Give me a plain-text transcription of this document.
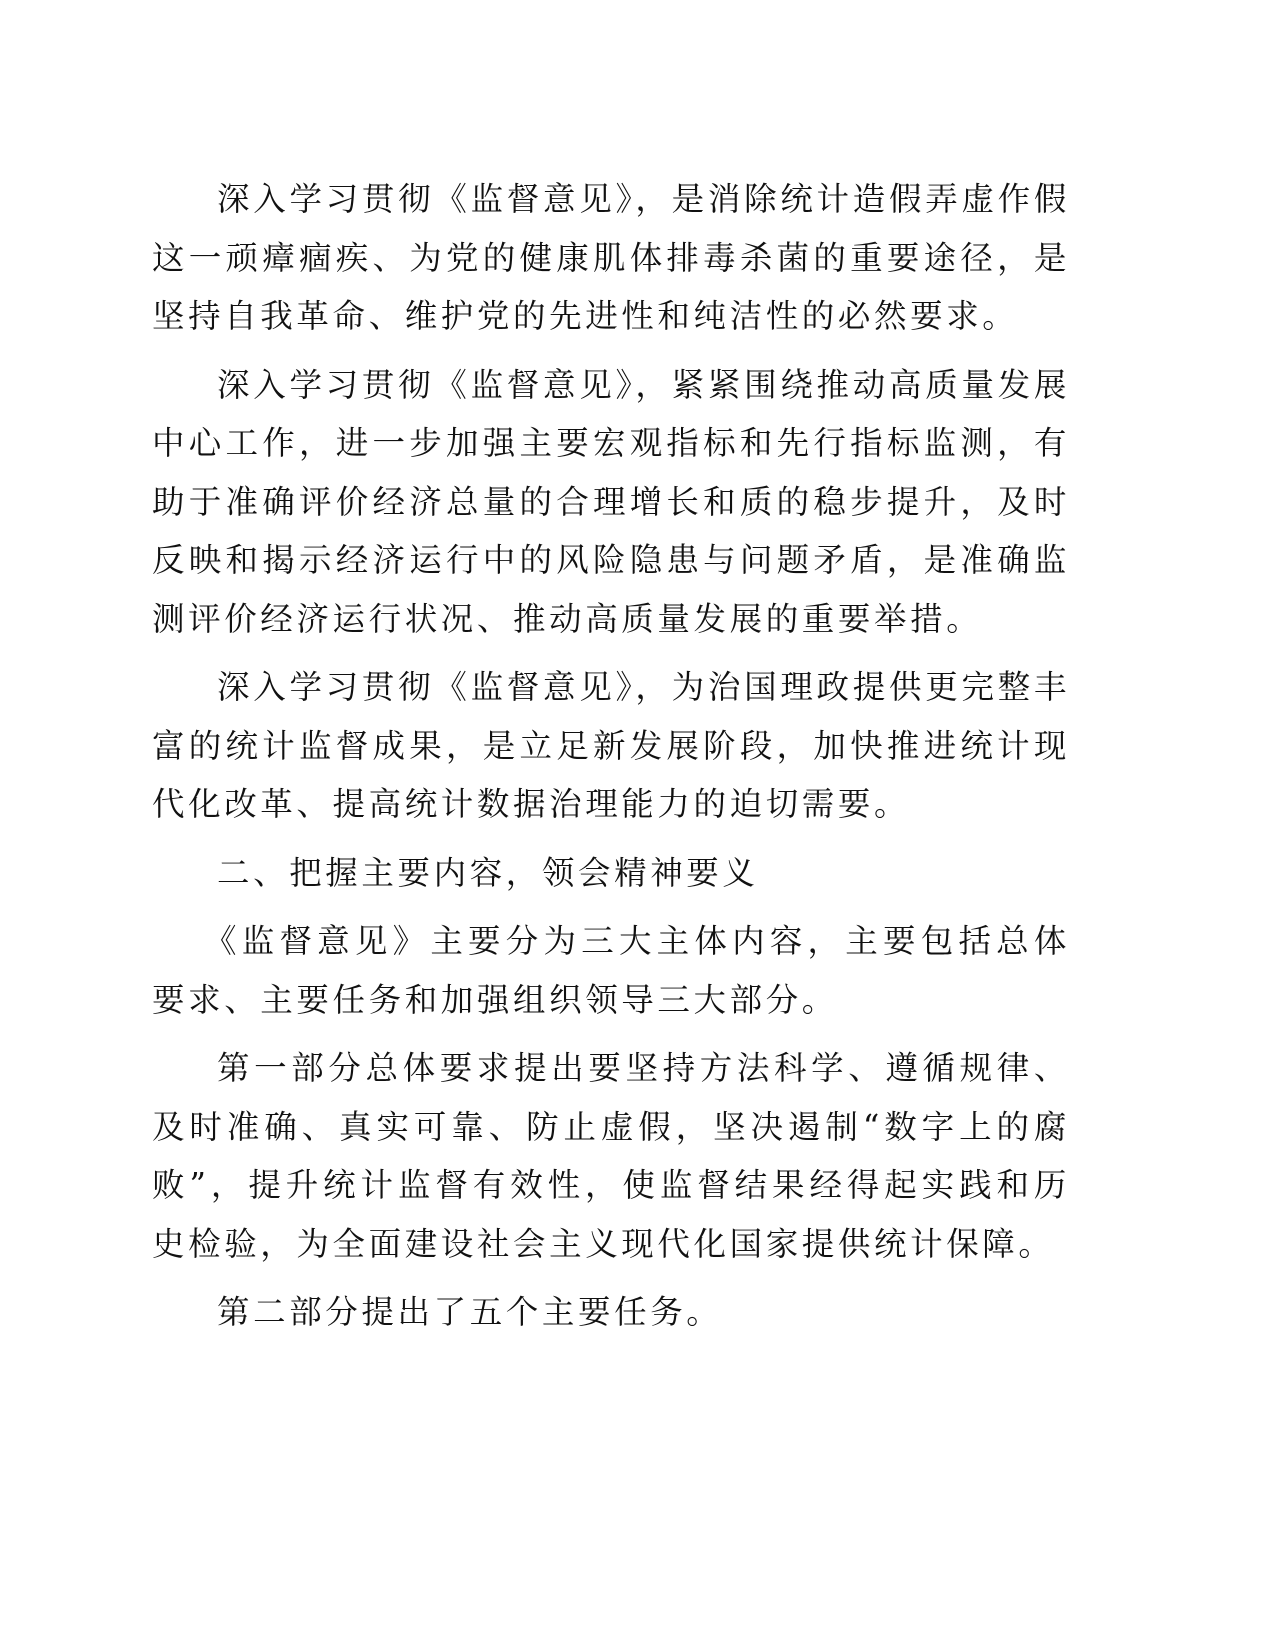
深入学习贯彻《监督意见》，是消除统计造假弄虚作假这一顽瘴痼疾、为党的健康肌体排毒杀菌的重要途径，是坚持自我革命、维护党的先进性和纯洁性的必然要求。

深入学习贯彻《监督意见》，紧紧围绕推动高质量发展中心工作，进一步加强主要宏观指标和先行指标监测，有助于准确评价经济总量的合理增长和质的稳步提升，及时反映和揭示经济运行中的风险隐患与问题矛盾，是准确监测评价经济运行状况、推动高质量发展的重要举措。

深入学习贯彻《监督意见》，为治国理政提供更完整丰富的统计监督成果，是立足新发展阶段，加快推进统计现代化改革、提高统计数据治理能力的迫切需要。

二、把握主要内容，领会精神要义

《监督意见》主要分为三大主体内容，主要包括总体要求、主要任务和加强组织领导三大部分。

第一部分总体要求提出要坚持方法科学、遵循规律、及时准确、真实可靠、防止虚假，坚决遏制“数字上的腐败”，提升统计监督有效性，使监督结果经得起实践和历史检验，为全面建设社会主义现代化国家提供统计保障。

第二部分提出了五个主要任务。
